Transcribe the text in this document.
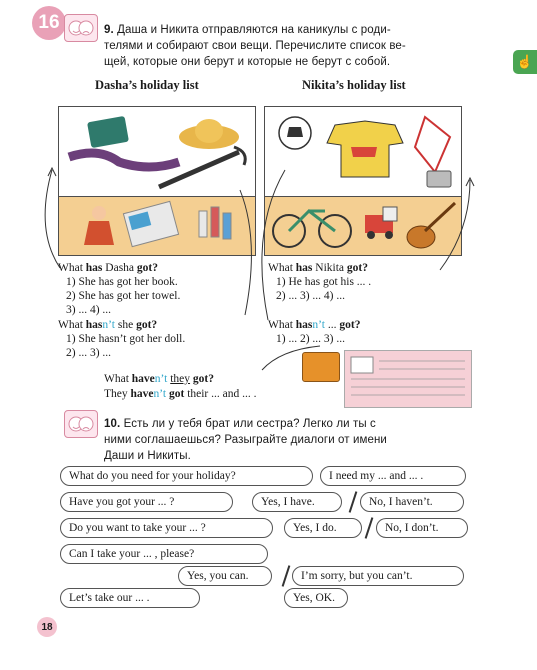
16	9. Даша и Никита отправляются на каникулы с роди-
телями и собирают свои вещи. Перечислите список ве-
щей, которые они берут и которые не берут с собой.	☝
Dasha’s holiday list	Nikita’s holiday list
What has Dasha got?
1) She has got her book.
2) She has got her towel.
3) ... 4) ...
What hasn’t she got?
1) She hasn’t got her doll.
2) ... 3) ...
What has Nikita got?
1) He has got his ... .
2) ... 3) ... 4) ...
What hasn’t ... got?
1) ... 2) ... 3) ...
What haven’t they got?
They haven’t got their ... and ... .
10. Есть ли у тебя брат или сестра? Легко ли ты с
ними соглашаешься? Разыграйте диалоги от имени
Даши и Никиты.
What do you need for your holiday?	I need my ... and ... .
Have you got your ... ?	Yes, I have.	No, I haven’t.
Do you want to take your ... ?	Yes, I do.	No, I don’t.
Can I take your ... , please?
Yes, you can.	I’m sorry, but you can’t.
Let’s take our ... .	Yes, OK.
18
